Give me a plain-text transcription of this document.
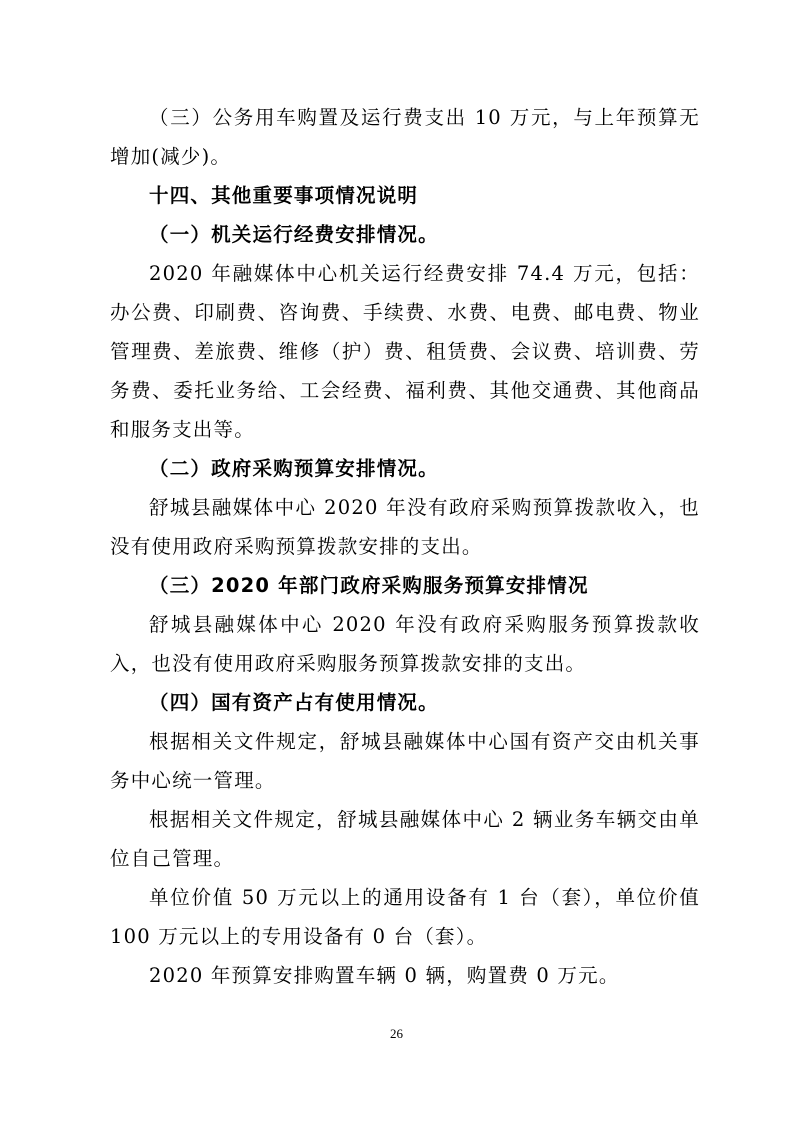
（三）公务用车购置及运行费支出 10 万元，与上年预算无增加(减少)。

十四、其他重要事项情况说明

（一）机关运行经费安排情况。

2020 年融媒体中心机关运行经费安排 74.4 万元，包括：办公费、印刷费、咨询费、手续费、水费、电费、邮电费、物业管理费、差旅费、维修（护）费、租赁费、会议费、培训费、劳务费、委托业务给、工会经费、福利费、其他交通费、其他商品和服务支出等。

（二）政府采购预算安排情况。

舒城县融媒体中心 2020 年没有政府采购预算拨款收入，也没有使用政府采购预算拨款安排的支出。

（三）2020 年部门政府采购服务预算安排情况

舒城县融媒体中心 2020 年没有政府采购服务预算拨款收入，也没有使用政府采购服务预算拨款安排的支出。

（四）国有资产占有使用情况。

根据相关文件规定，舒城县融媒体中心国有资产交由机关事务中心统一管理。

根据相关文件规定，舒城县融媒体中心 2 辆业务车辆交由单位自己管理。

单位价值 50 万元以上的通用设备有 1 台（套），单位价值 100 万元以上的专用设备有 0 台（套）。

2020 年预算安排购置车辆 0 辆，购置费 0 万元。

26
